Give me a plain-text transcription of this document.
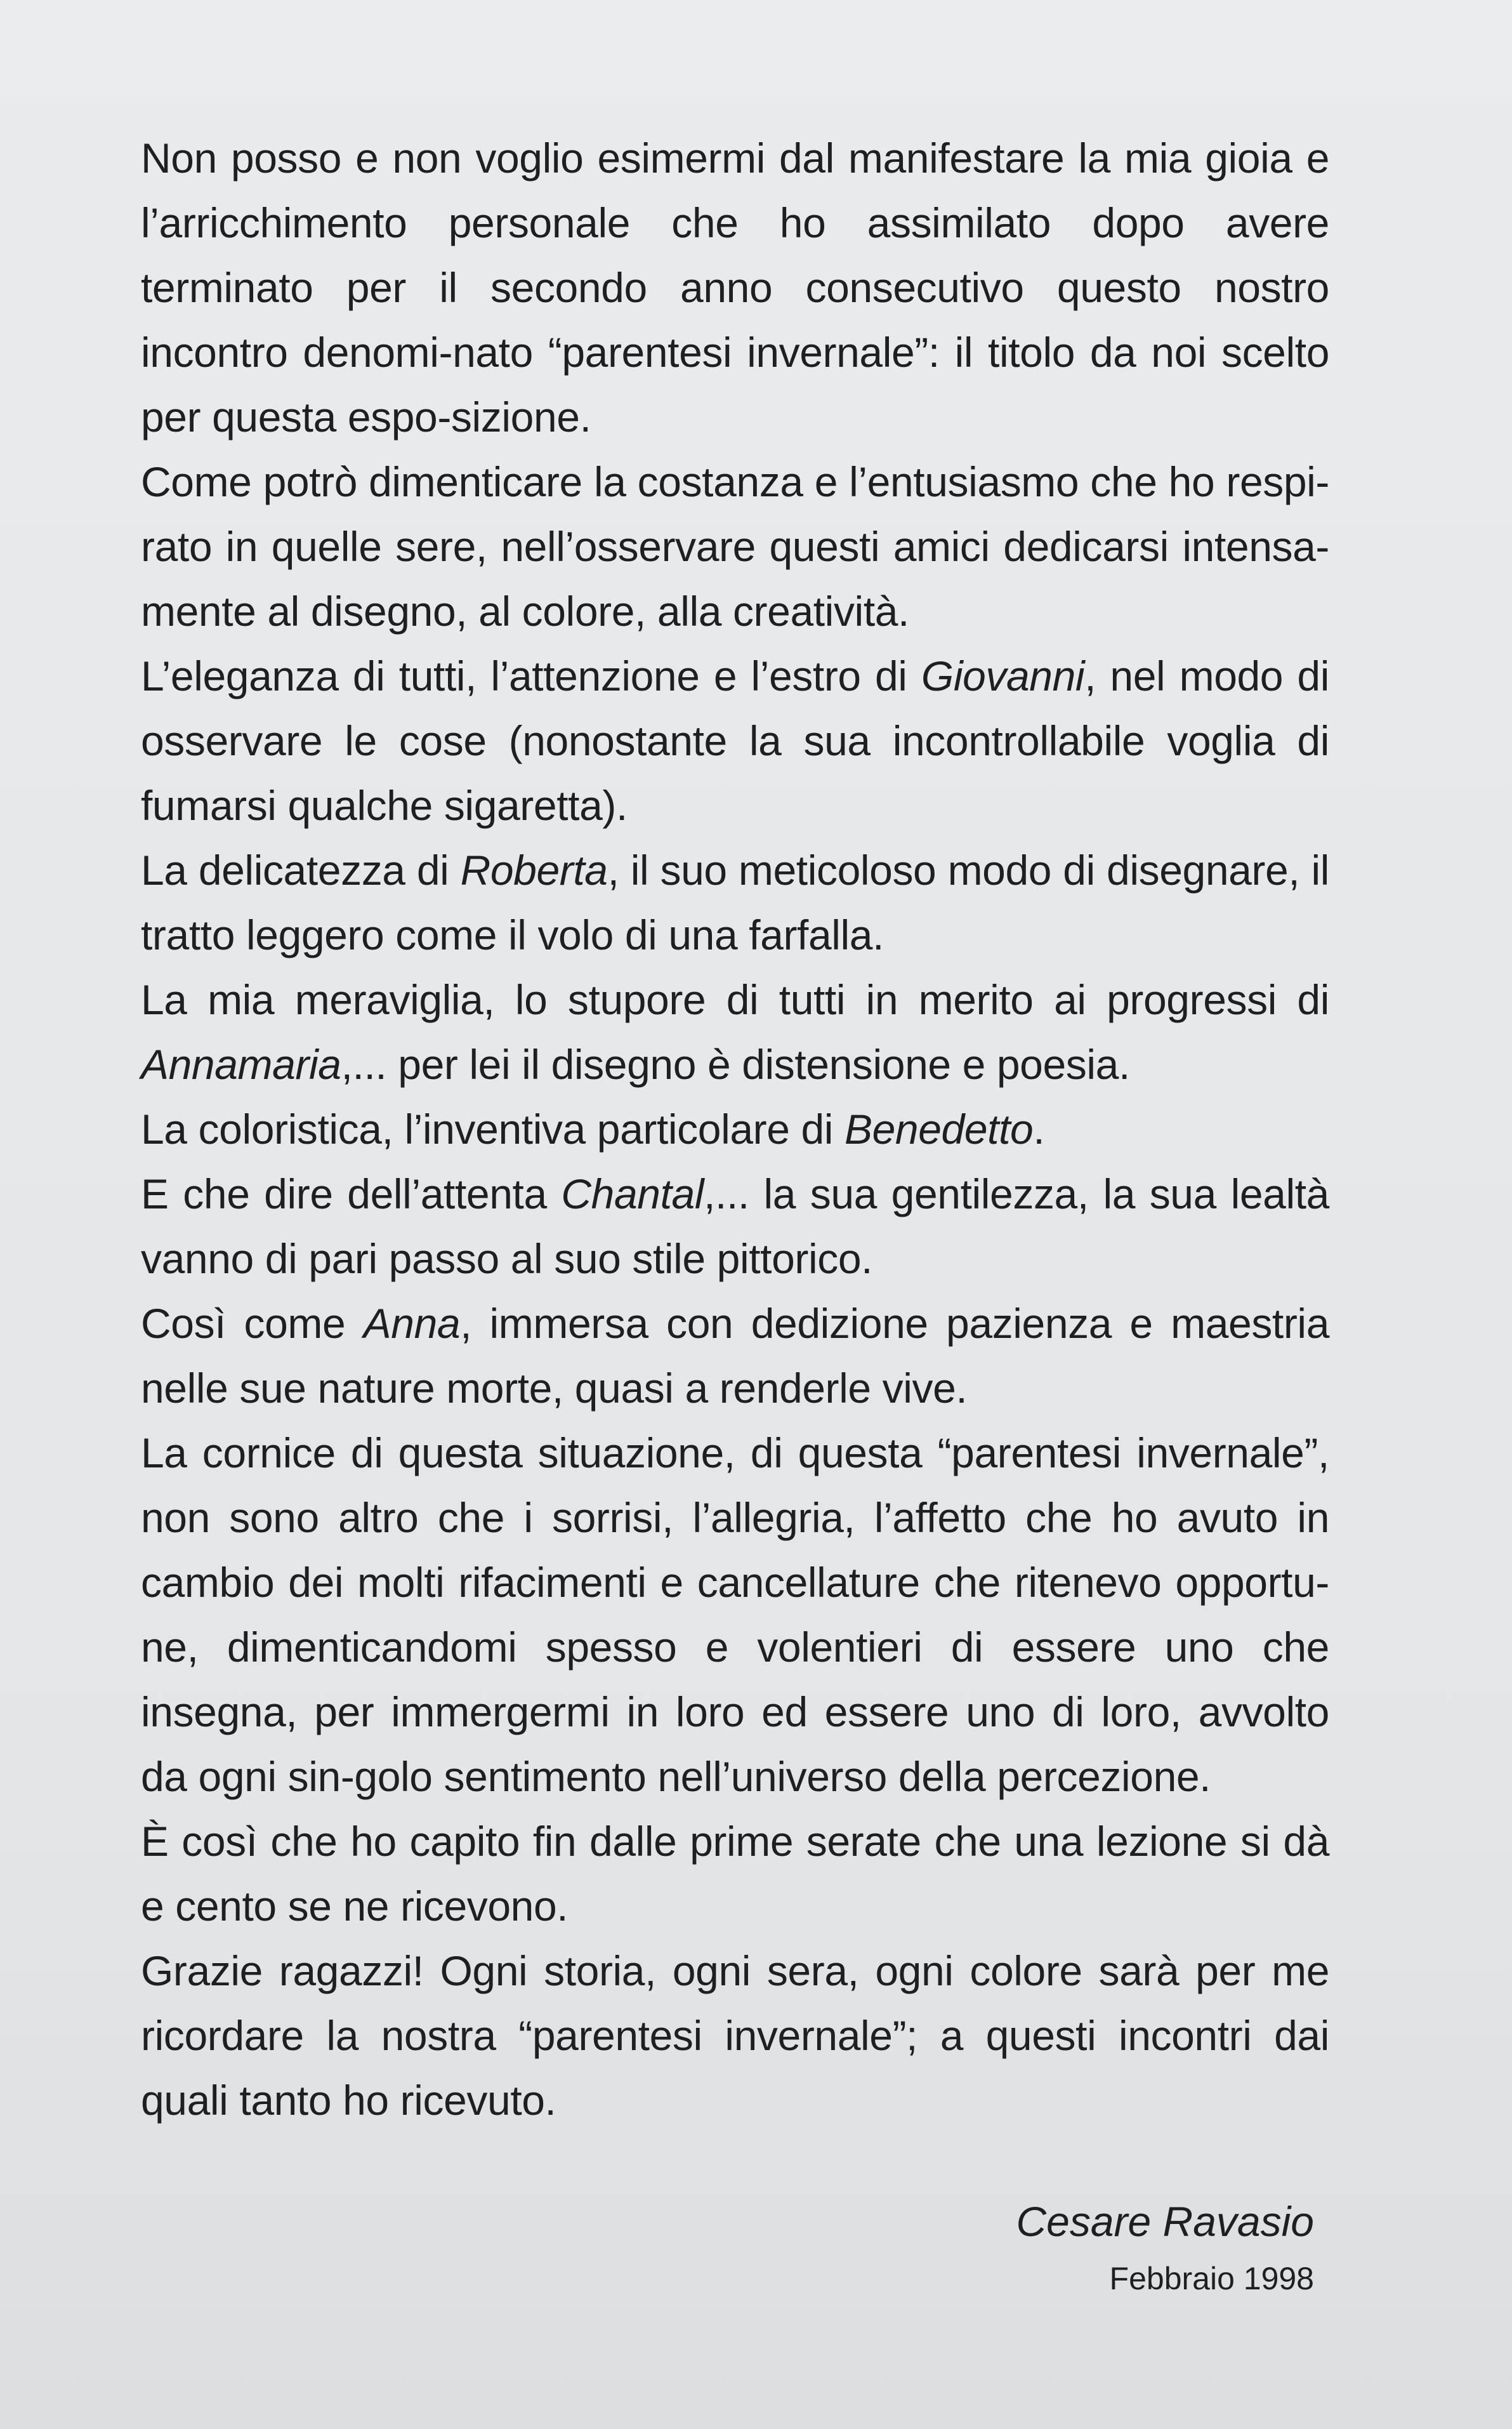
Non posso e non voglio esimermi dal manifestare la mia gioia e l’arricchimento personale che ho assimilato dopo avere terminato per il secondo anno consecutivo questo nostro incontro denomi-nato “parentesi invernale”: il titolo da noi scelto per questa espo-sizione.

Come potrò dimenticare la costanza e l’entusiasmo che ho respi-rato in quelle sere, nell’osservare questi amici dedicarsi intensa-mente al disegno, al colore, alla creatività.

L’eleganza di tutti, l’attenzione e l’estro di Giovanni, nel modo di osservare le cose (nonostante la sua incontrollabile voglia di fumarsi qualche sigaretta).

La delicatezza di Roberta, il suo meticoloso modo di disegnare, il tratto leggero come il volo di una farfalla.

La mia meraviglia, lo stupore di tutti in merito ai progressi di Annamaria,... per lei il disegno è distensione e poesia.

La coloristica, l’inventiva particolare di Benedetto.

E che dire dell’attenta Chantal,... la sua gentilezza, la sua lealtà vanno di pari passo al suo stile pittorico.

Così come Anna, immersa con dedizione pazienza e maestria nelle sue nature morte, quasi a renderle vive.

La cornice di questa situazione, di questa “parentesi invernale”, non sono altro che i sorrisi, l’allegria, l’affetto che ho avuto in cambio dei molti rifacimenti e cancellature che ritenevo opportu-ne, dimenticandomi spesso e volentieri di essere uno che insegna, per immergermi in loro ed essere uno di loro, avvolto da ogni sin-golo sentimento nell’universo della percezione.

È così che ho capito fin dalle prime serate che una lezione si dà e cento se ne ricevono.

Grazie ragazzi! Ogni storia, ogni sera, ogni colore sarà per me ricordare la nostra “parentesi invernale”; a questi incontri dai quali tanto ho ricevuto.

Cesare Ravasio

Febbraio 1998
